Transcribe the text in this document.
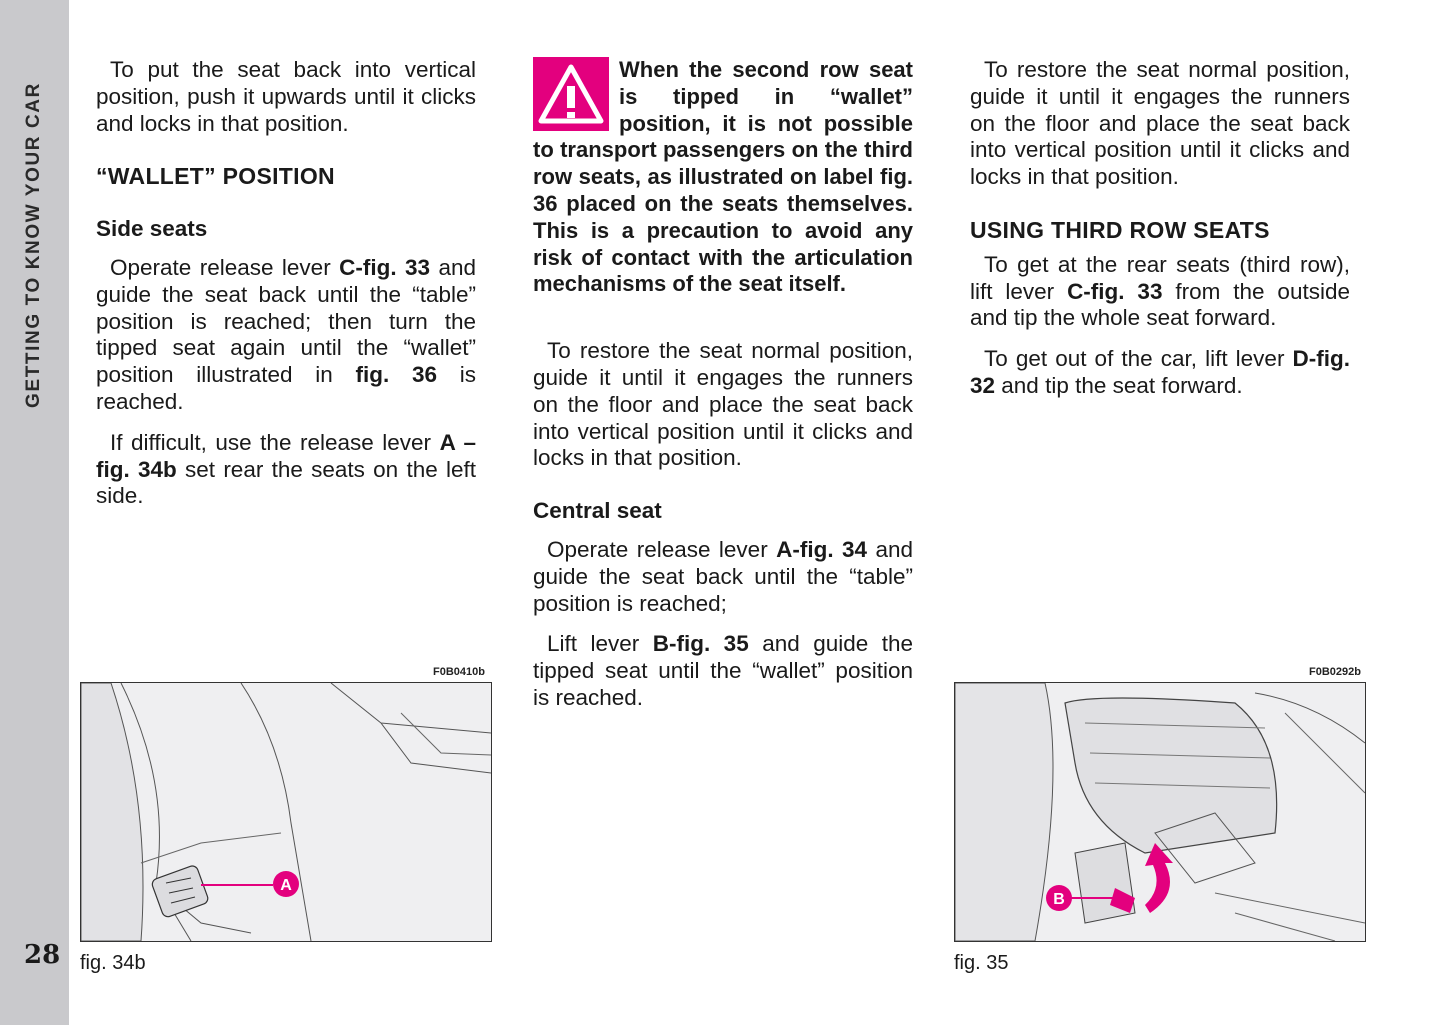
GETTING TO KNOW YOUR CAR
28

To put the seat back into vertical position, push it upwards until it clicks and locks in that position.

“WALLET” POSITION
Side seats

Operate release lever C-fig. 33 and guide the seat back until the “table” position is reached; then turn the tipped seat again until the “wallet” position illustrated in fig. 36 is reached.

If difficult, use the release lever A – fig. 34b set rear the seats on the left side.

When the second row seat is tipped in “wallet” position, it is not possible to transport passengers on the third row seats, as illustrated on label fig. 36 placed on the seats themselves. This is a precaution to avoid any risk of contact with the articulation mechanisms of the seat itself.

To restore the seat normal position, guide it until it engages the runners on the floor and place the seat back into vertical position until it clicks and locks in that position.

Central seat

Operate release lever A-fig. 34 and guide the seat back until the “table” position is reached;

Lift lever B-fig. 35 and guide the tipped seat until the “wallet” position is reached.

To restore the seat normal position, guide it until it engages the runners on the floor and place the seat back into vertical position until it clicks and locks in that position.

USING THIRD ROW SEATS

To get at the rear seats (third row), lift lever C-fig. 33 from the outside and tip the whole seat forward.

To get out of the car, lift lever D-fig. 32 and tip the seat forward.

F0B0410b
A
fig. 34b
F0B0292b
B
fig. 35
